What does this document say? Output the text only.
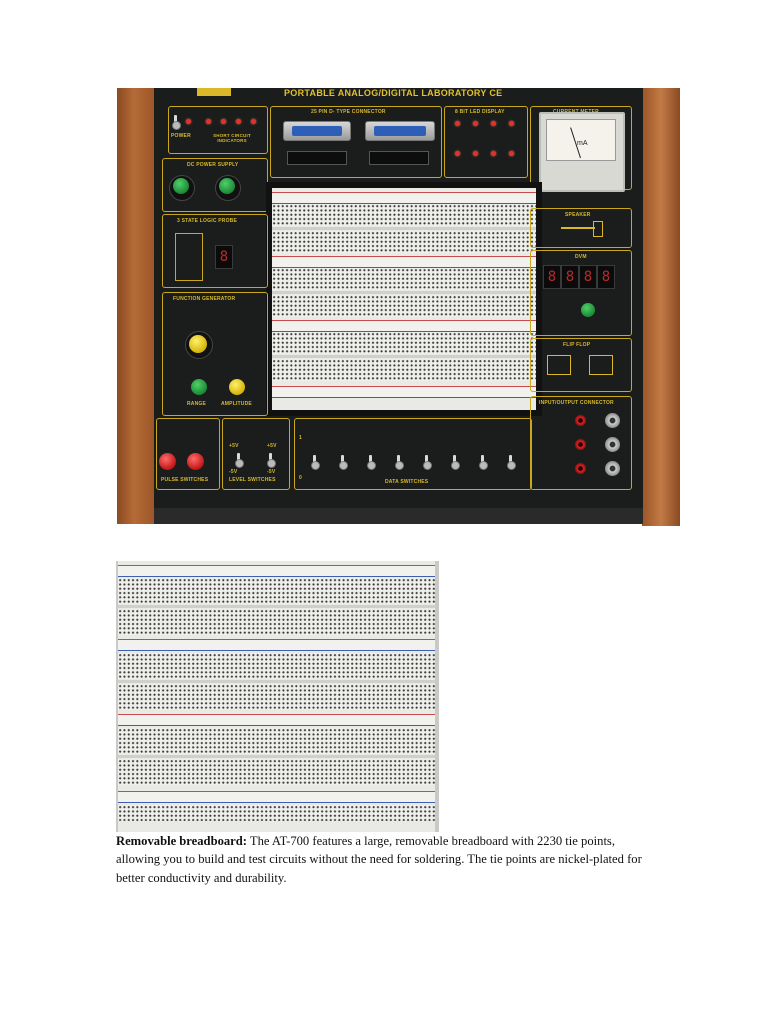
PORTABLE ANALOG/DIGITAL LABORATORY CE
POWER	SHORT CIRCUIT INDICATORS
25 PIN D- TYPE CONNECTOR	8 BIT LED DISPLAY
mA
DC POWER SUPPLY
3 STATE LOGIC PROBE
8
SPEAKER
DVM
8 8 8 8
FUNCTION GENERATOR
RANGE	AMPLITUDE
FLIP FLOP
INPUT/OUTPUT CONNECTOR
PULSE SWITCHES
+5V	+5V
-5V	-5V
LEVEL SWITCHES
1
0
DATA SWITCHES

Removable breadboard: The AT-700 features a large, removable breadboard with 2230 tie points, allowing you to build and test circuits without the need for soldering. The tie points are nickel-plated for better conductivity and durability.
